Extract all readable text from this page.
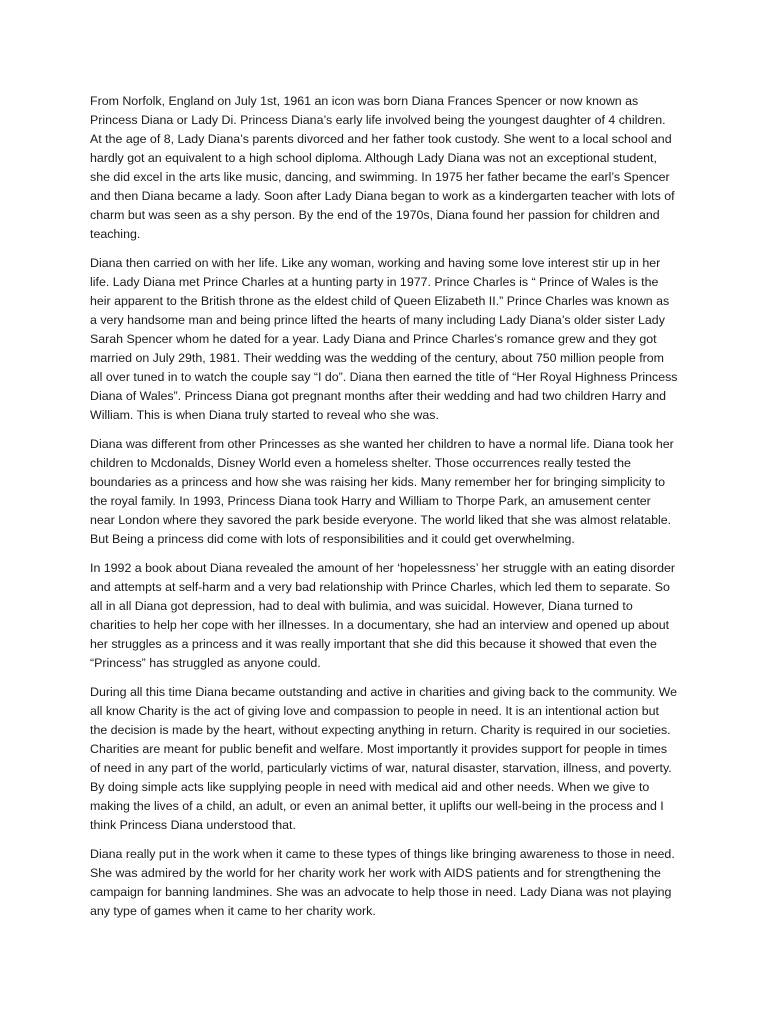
From Norfolk, England on July 1st, 1961 an icon was born Diana Frances Spencer or now known as Princess Diana or Lady Di. Princess Diana’s early life involved being the youngest daughter of 4 children. At the age of 8, Lady Diana’s parents divorced and her father took custody. She went to a local school and hardly got an equivalent to a high school diploma. Although Lady Diana was not an exceptional student, she did excel in the arts like music, dancing, and swimming. In 1975 her father became the earl’s Spencer and then Diana became a lady. Soon after Lady Diana began to work as a kindergarten teacher with lots of charm but was seen as a shy person. By the end of the 1970s, Diana found her passion for children and teaching.

Diana then carried on with her life. Like any woman, working and having some love interest stir up in her life. Lady Diana met Prince Charles at a hunting party in 1977. Prince Charles is “ Prince of Wales is the heir apparent to the British throne as the eldest child of Queen Elizabeth II.” Prince Charles was known as a very handsome man and being prince lifted the hearts of many including Lady Diana’s older sister Lady Sarah Spencer whom he dated for a year. Lady Diana and Prince Charles’s romance grew and they got married on July 29th, 1981. Their wedding was the wedding of the century, about 750 million people from all over tuned in to watch the couple say “I do”. Diana then earned the title of “Her Royal Highness Princess Diana of Wales”. Princess Diana got pregnant months after their wedding and had two children Harry and William. This is when Diana truly started to reveal who she was.

Diana was different from other Princesses as she wanted her children to have a normal life. Diana took her children to Mcdonalds, Disney World even a homeless shelter. Those occurrences really tested the boundaries as a princess and how she was raising her kids. Many remember her for bringing simplicity to the royal family. In 1993, Princess Diana took Harry and William to Thorpe Park, an amusement center near London where they savored the park beside everyone. The world liked that she was almost relatable. But Being a princess did come with lots of responsibilities and it could get overwhelming.

In 1992 a book about Diana revealed the amount of her ‘hopelessness’ her struggle with an eating disorder and attempts at self-harm and a very bad relationship with Prince Charles, which led them to separate. So all in all Diana got depression, had to deal with bulimia, and was suicidal. However, Diana turned to charities to help her cope with her illnesses. In a documentary, she had an interview and opened up about her struggles as a princess and it was really important that she did this because it showed that even the “Princess” has struggled as anyone could.

During all this time Diana became outstanding and active in charities and giving back to the community. We all know Charity is the act of giving love and compassion to people in need. It is an intentional action but the decision is made by the heart, without expecting anything in return. Charity is required in our societies. Charities are meant for public benefit and welfare. Most importantly it provides support for people in times of need in any part of the world, particularly victims of war, natural disaster, starvation, illness, and poverty. By doing simple acts like supplying people in need with medical aid and other needs. When we give to making the lives of a child, an adult, or even an animal better, it uplifts our well-being in the process and I think Princess Diana understood that.

Diana really put in the work when it came to these types of things like bringing awareness to those in need. She was admired by the world for her charity work her work with AIDS patients and for strengthening the campaign for banning landmines. She was an advocate to help those in need. Lady Diana was not playing any type of games when it came to her charity work.
